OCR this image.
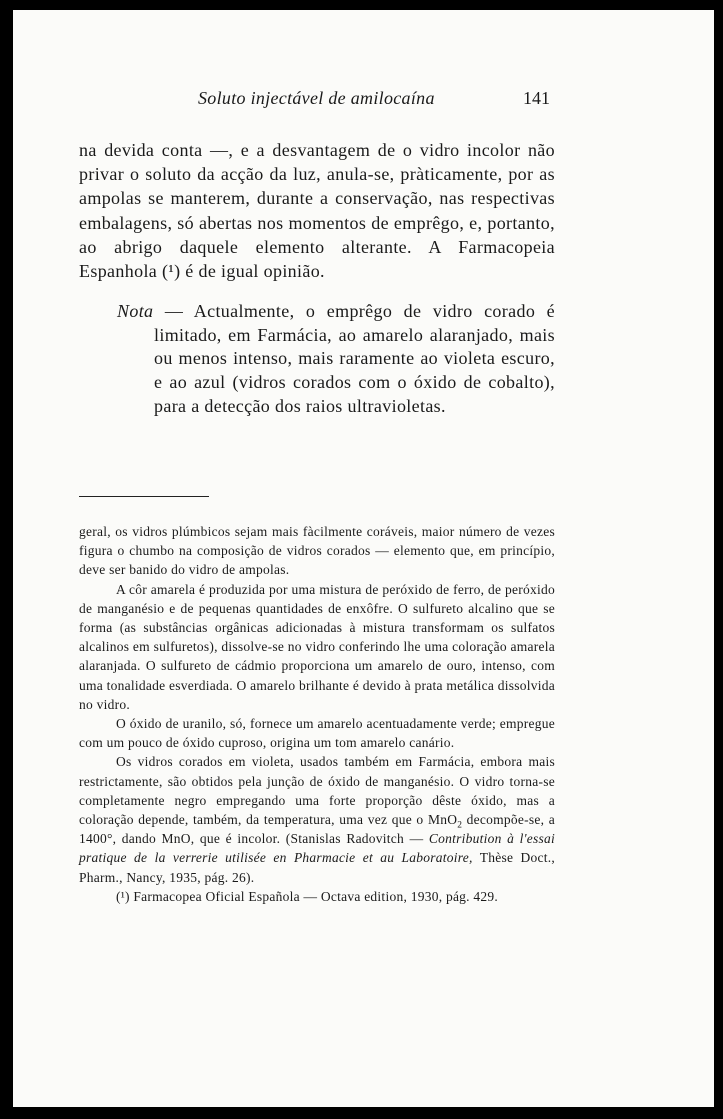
Soluto injectável de amilocaína	141

na devida conta —, e a desvantagem de o vidro incolor não privar o soluto da acção da luz, anula-se, pràticamente, por as ampolas se manterem, durante a conservação, nas respectivas embalagens, só abertas nos momentos de emprêgo, e, portanto, ao abrigo daquele elemento alterante. A Farmacopeia Espanhola (¹) é de igual opinião.

Nota — Actualmente, o emprêgo de vidro corado é limitado, em Farmácia, ao amarelo alaranjado, mais ou menos intenso, mais raramente ao violeta escuro, e ao azul (vidros corados com o óxido de cobalto), para a detecção dos raios ultravioletas.

geral, os vidros plúmbicos sejam mais fàcilmente coráveis, maior número de vezes figura o chumbo na composição de vidros corados — elemento que, em princípio, deve ser banido do vidro de ampolas.

A côr amarela é produzida por uma mistura de peróxido de ferro, de peróxido de manganésio e de pequenas quantidades de enxôfre. O sulfureto alcalino que se forma (as substâncias orgânicas adicionadas à mistura transformam os sulfatos alcalinos em sulfuretos), dissolve-se no vidro conferindo lhe uma coloração amarela alaranjada. O sulfureto de cádmio proporciona um amarelo de ouro, intenso, com uma tonalidade esverdiada. O amarelo brilhante é devido à prata metálica dissolvida no vidro.

O óxido de uranilo, só, fornece um amarelo acentuadamente verde; empregue com um pouco de óxido cuproso, origina um tom amarelo canário.

Os vidros corados em violeta, usados também em Farmácia, embora mais restrictamente, são obtidos pela junção de óxido de manganésio. O vidro torna-se completamente negro empregando uma forte proporção dêste óxido, mas a coloração depende, também, da temperatura, uma vez que o MnO$_2$ decompõe-se, a 1400°, dando MnO, que é incolor. (Stanislas Radovitch — Contribution à l'essai pratique de la verrerie utilisée en Pharmacie et au Laboratoire, Thèse Doct., Pharm., Nancy, 1935, pág. 26).

(¹) Farmacopea Oficial Española — Octava edition, 1930, pág. 429.
